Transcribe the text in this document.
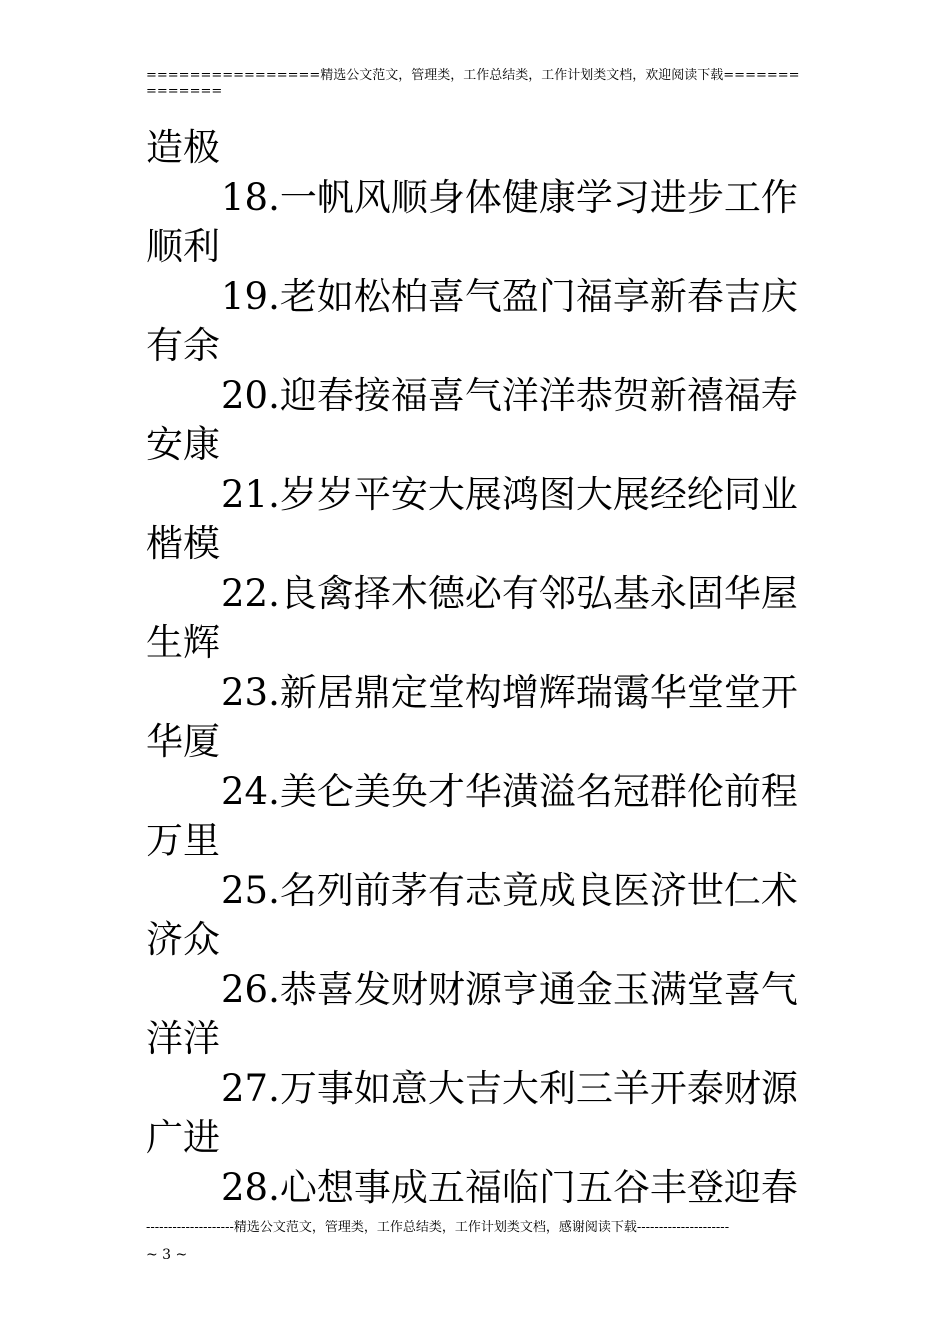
================精选公文范文，管理类，工作总结类，工作计划类文档，欢迎阅读下载==============

造极

18.一帆风顺身体健康学习进步工作

顺利

19.老如松柏喜气盈门福享新春吉庆

有余

20.迎春接福喜气洋洋恭贺新禧福寿

安康

21.岁岁平安大展鸿图大展经纶同业

楷模

22.良禽择木德必有邻弘基永固华屋

生辉

23.新居鼎定堂构增辉瑞霭华堂堂开

华厦

24.美仑美奂才华潢溢名冠群伦前程

万里

25.名列前茅有志竟成良医济世仁术

济众

26.恭喜发财财源亨通金玉满堂喜气

洋洋

27.万事如意大吉大利三羊开泰财源

广进

28.心想事成五福临门五谷丰登迎春

--------------------精选公文范文，管理类，工作总结类，工作计划类文档，感谢阅读下载---------------------
~ 3 ~
